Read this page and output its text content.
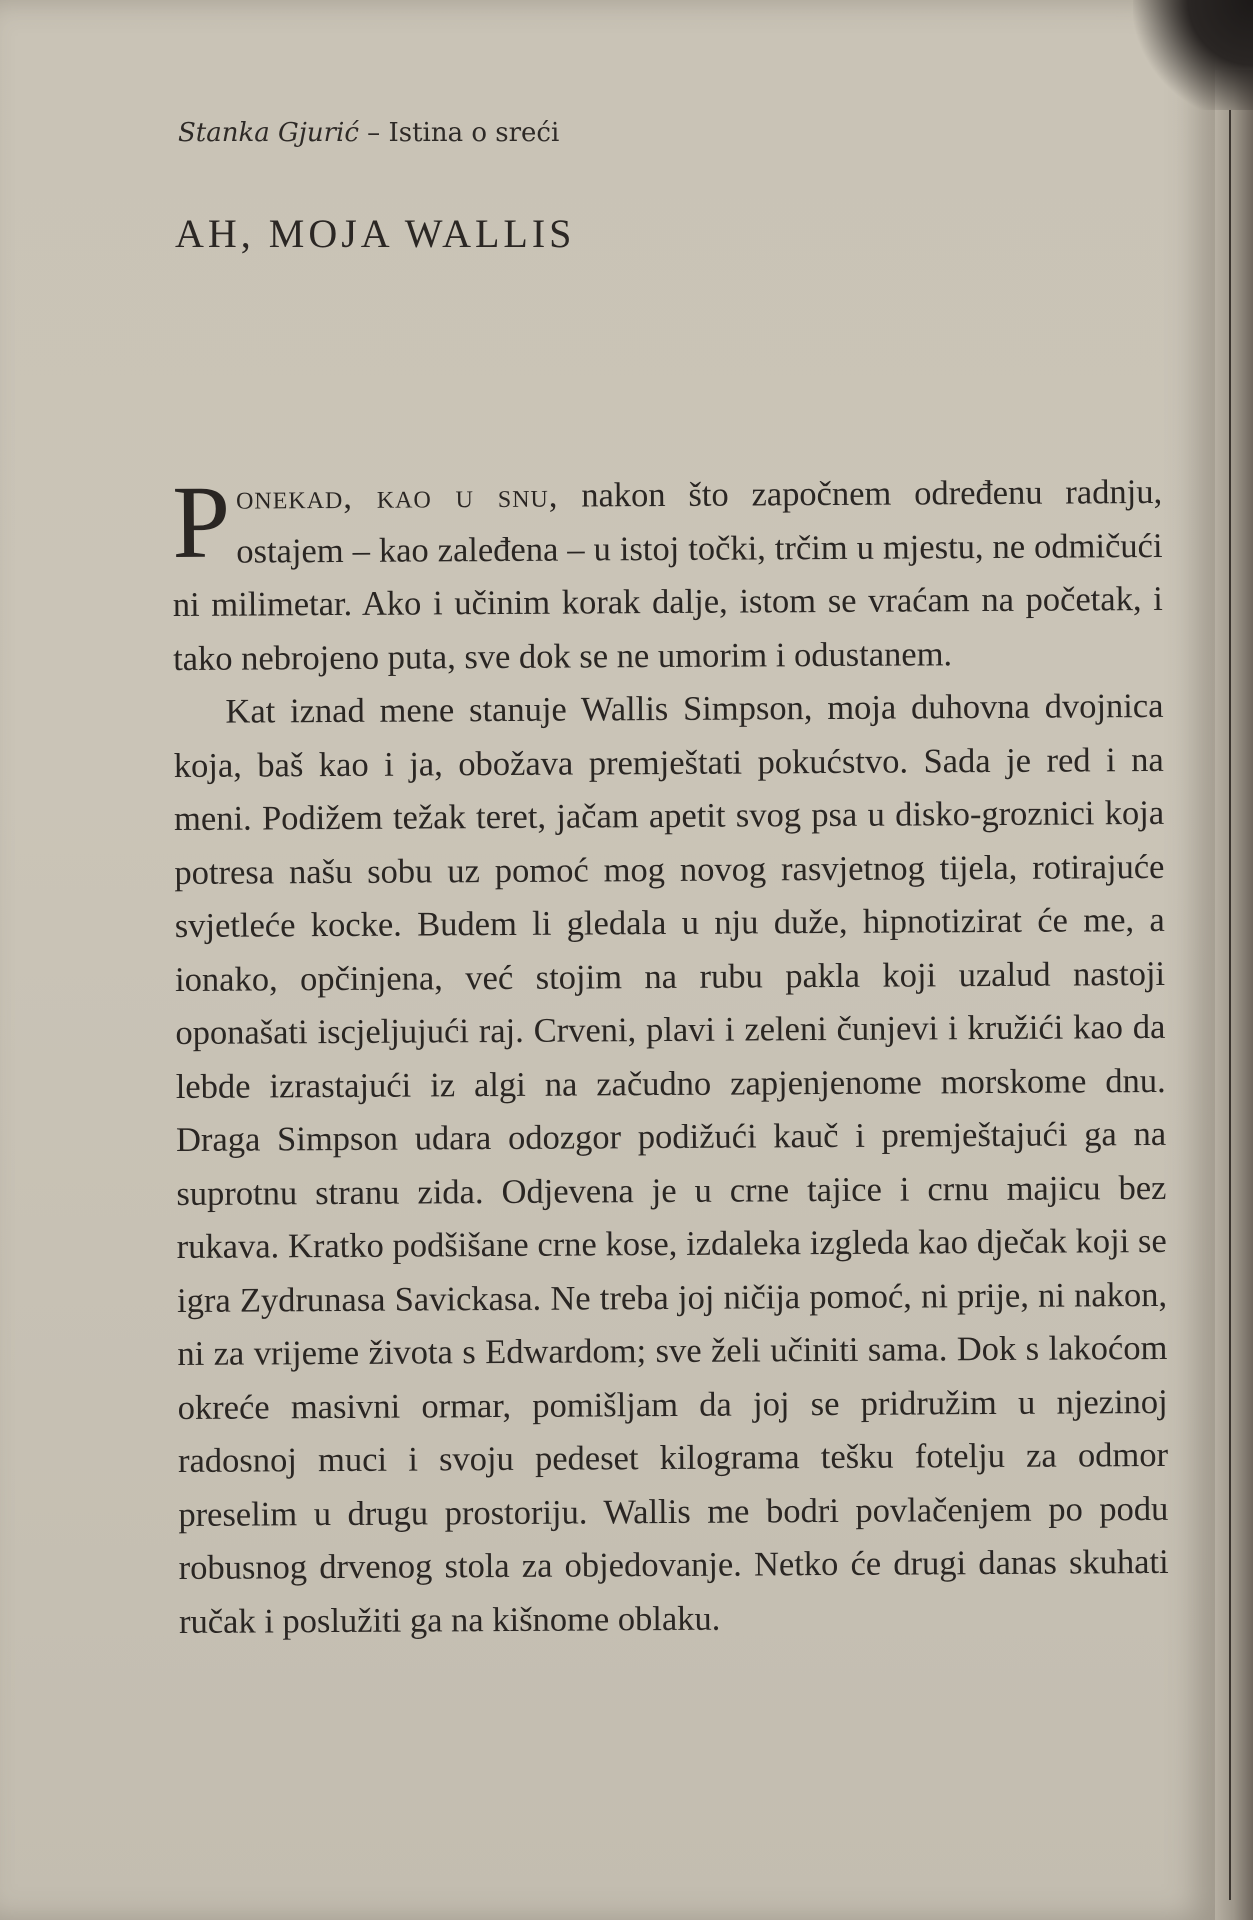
Stanka Gjurić – Istina o sreći
AH, MOJA WALLIS

Ponekad, kao u snu, nakon što započnem određenu radnju, ostajem – kao zaleđena – u istoj točki, trčim u mjestu, ne odmičući ni milimetar. Ako i učinim korak dalje, istom se vraćam na početak, i tako nebrojeno puta, sve dok se ne umorim i odustanem.

Kat iznad mene stanuje Wallis Simpson, moja duhovna dvojnica koja, baš kao i ja, obožava premještati pokućstvo. Sada je red i na meni. Podižem težak teret, jačam apetit svog psa u disko-groznici koja potresa našu sobu uz pomoć mog novog rasvjetnog tijela, rotirajuće svjetleće kocke. Budem li gledala u nju duže, hipnotizirat će me, a ionako, opčinjena, već stojim na rubu pakla koji uzalud nastoji oponašati iscjeljujući raj. Crveni, plavi i zeleni čunjevi i kružići kao da lebde izrastajući iz algi na začudno zapjenjenome morskome dnu. Draga Simpson udara odozgor podižući kauč i premještajući ga na suprotnu stranu zida. Odjevena je u crne tajice i crnu majicu bez rukava. Kratko podšišane crne kose, izdaleka izgleda kao dječak koji se igra Zydrunasa Savickasa. Ne treba joj ničija pomoć, ni prije, ni nakon, ni za vrijeme života s Edwardom; sve želi učiniti sama. Dok s lakoćom okreće masivni ormar, pomišljam da joj se pridružim u njezinoj radosnoj muci i svoju pedeset kilograma tešku fotelju za odmor preselim u drugu prostoriju. Wallis me bodri povlačenjem po podu robusnog drvenog stola za objedovanje. Netko će drugi danas skuhati ručak i poslužiti ga na kišnome oblaku.
